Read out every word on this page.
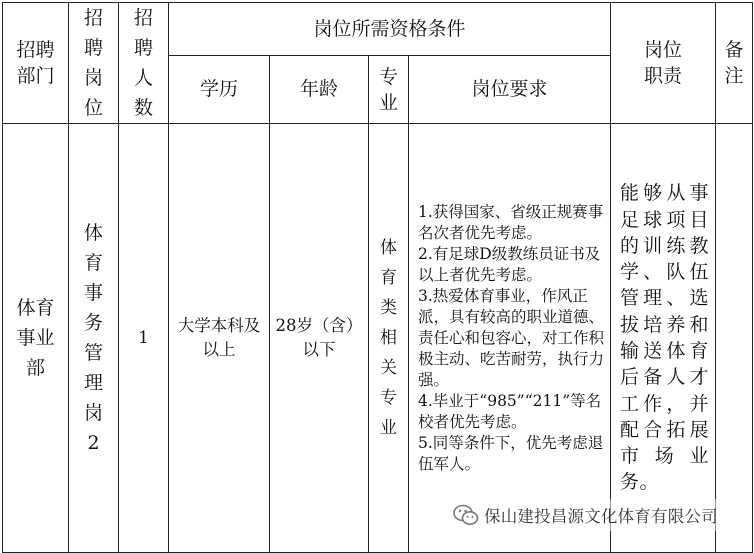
招聘部门	招聘岗位	招聘人数	岗位所需资格条件				岗位职责	备注
			学历	年龄	专业	岗位要求		
体育事业部	体育事务管理岗2	1	大学本科及以上	28岁（含）以下	体育类相关专业	1.获得国家、省级正规赛事名次者优先考虑。
2.有足球D级教练员证书及以上者优先考虑。
3.热爱体育事业，作风正派，具有较高的职业道德、责任心和包容心，对工作积极主动、吃苦耐劳，执行力强。
4.毕业于“985”“211”等名校者优先考虑。
5.同等条件下，优先考虑退伍军人。	能够从事足球项目的训练教学、队伍管理、选拔培养和输送体育后备人才工作，并配合拓展市场业务。	
保山建投昌源文化体育有限公司
